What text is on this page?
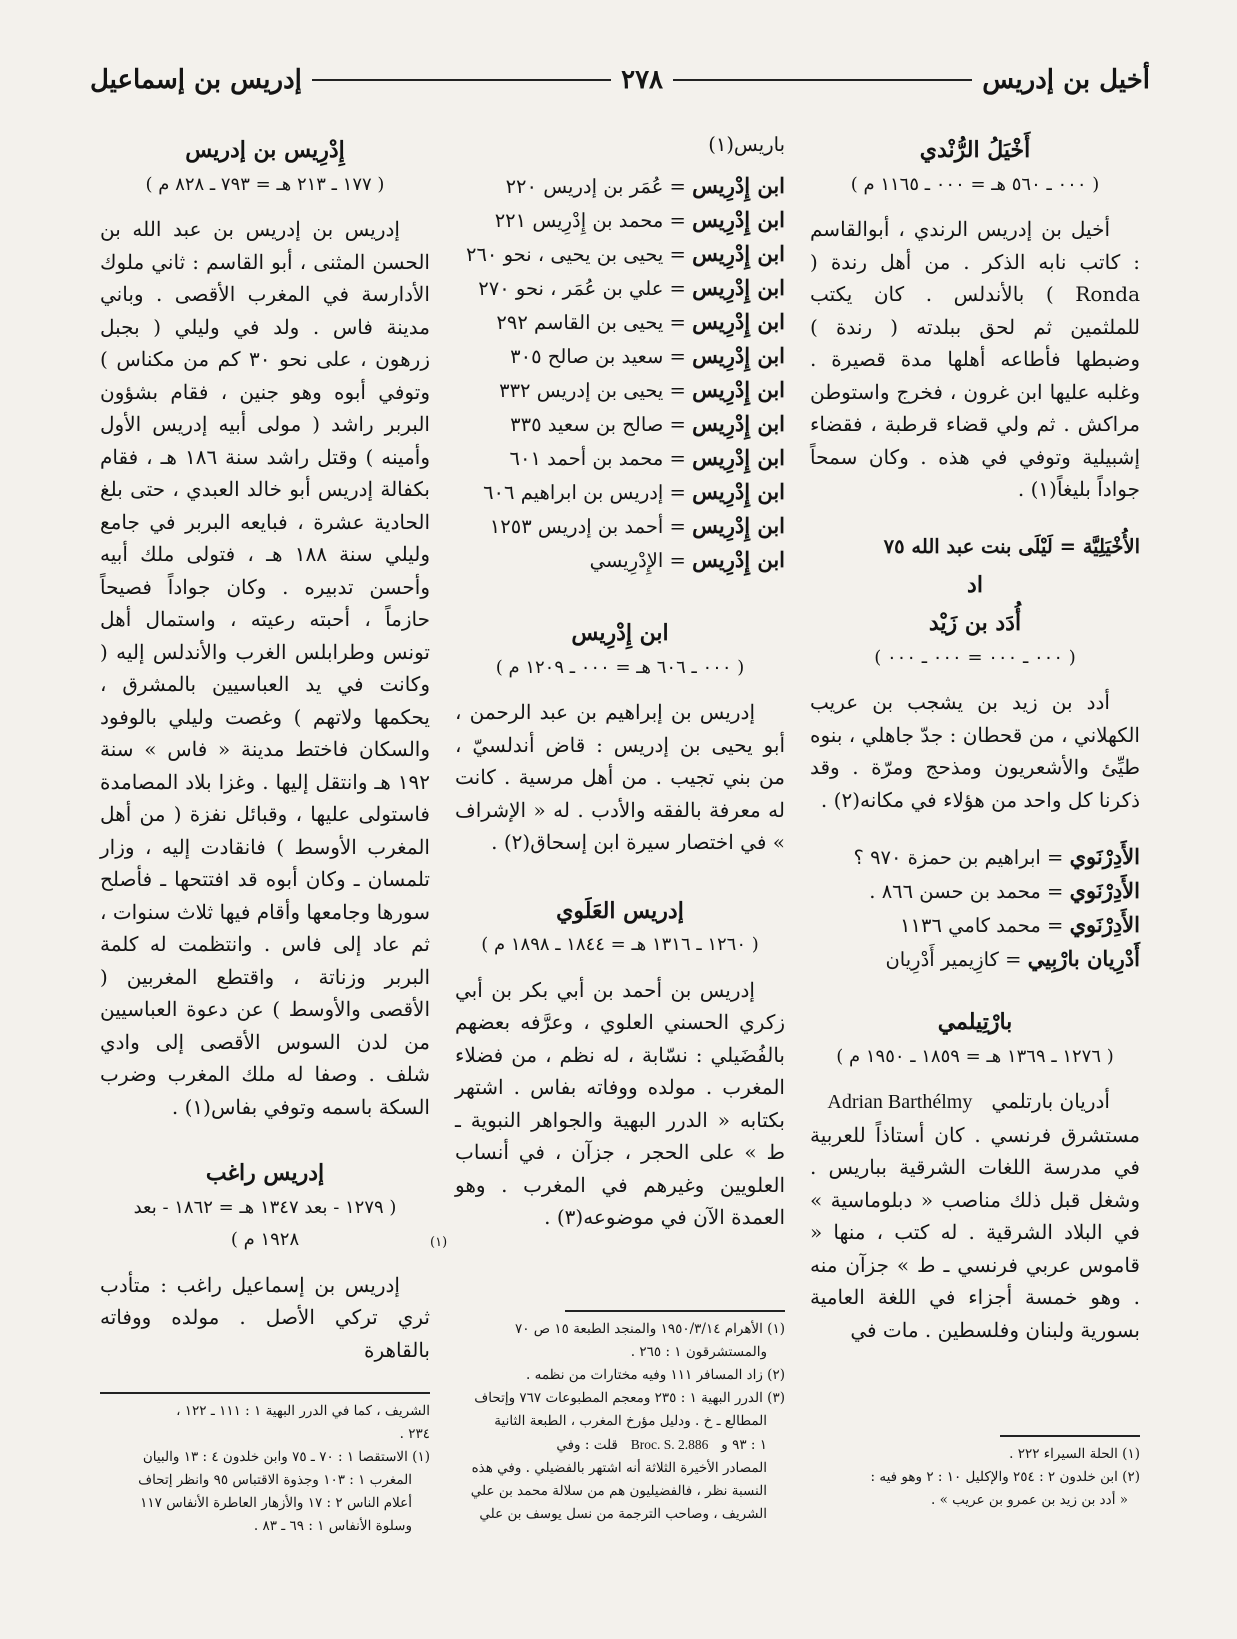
أخيل بن إدريس
٢٧٨
إدريس بن إسماعيل
أَخْيَلُ الرُّنْدي
( ٠٠٠ ـ ٥٦٠ هـ = ٠٠٠ ـ ١١٦٥ م )

أخيل بن إدريس الرندي ، أبوالقاسم : كاتب نابه الذكر . من أهل رندة ( Ronda ) بالأندلس . كان يكتب للملثمين ثم لحق ببلدته ( رندة ) وضبطها فأطاعه أهلها مدة قصيرة . وغلبه عليها ابن غرون ، فخرج واستوطن مراكش . ثم ولي قضاء قرطبة ، فقضاء إشبيلية وتوفي في هذه . وكان سمحاً جواداً بليغاً(١) .

الأُخْيَلِيَّة = لَيْلَى بنت عبد الله ٧٥
اد
أُدَد بن زَيْد
( ٠٠٠ ـ ٠٠٠ = ٠٠٠ ـ ٠٠٠ )

أدد بن زيد بن يشجب بن عريب الكهلاني ، من قحطان : جدّ جاهلي ، بنوه طيِّئ والأشعريون ومذحج ومرّة . وقد ذكرنا كل واحد من هؤلاء في مكانه(٢) .

الأَدِرْنَوي = ابراهيم بن حمزة ٩٧٠ ؟
الأَدِرْنَوي = محمد بن حسن ٨٦٦ .
الأَدِرْنَوي = محمد كامي ١١٣٦
أَدْرِيان بارْبِيي = كازِيمير أَدْرِيان
بارْتِيلمي
( ١٢٧٦ ـ ١٣٦٩ هـ = ١٨٥٩ ـ ١٩٥٠ م )

أدريان بارتلمي   Adrian Barthélmy

مستشرق فرنسي . كان أستاذاً للعربية في مدرسة اللغات الشرقية بباريس . وشغل قبل ذلك مناصب « دبلوماسية » في البلاد الشرقية . له كتب ، منها « قاموس عربي فرنسي ـ ط » جزآن منه . وهو خمسة أجزاء في اللغة العامية بسورية ولبنان وفلسطين . مات في

باريس(١)
ابن إِدْرِيس = عُمَر بن إدريس ٢٢٠
ابن إِدْرِيس = محمد بن إِدْرِيس ٢٢١
ابن إِدْرِيس = يحيى بن يحيى ، نحو ٢٦٠
ابن إِدْرِيس = علي بن عُمَر ، نحو ٢٧٠
ابن إِدْرِيس = يحيى بن القاسم ٢٩٢
ابن إِدْرِيس = سعيد بن صالح ٣٠٥
ابن إِدْرِيس = يحيى بن إدريس ٣٣٢
ابن إِدْرِيس = صالح بن سعيد ٣٣٥
ابن إِدْرِيس = محمد بن أحمد ٦٠١
ابن إِدْرِيس = إدريس بن ابراهيم ٦٠٦
ابن إِدْرِيس = أحمد بن إدريس ١٢٥٣
ابن إِدْرِيس = الإِدْرِيسي
ابن إِدْرِيس
( ٠٠٠ ـ ٦٠٦ هـ = ٠٠٠ ـ ١٢٠٩ م )

إدريس بن إبراهيم بن عبد الرحمن ، أبو يحيى بن إدريس : قاض أندلسيّ ، من بني تجيب . من أهل مرسية . كانت له معرفة بالفقه والأدب . له « الإشراف » في اختصار سيرة ابن إسحاق(٢) .

إدريس العَلَوي
( ١٢٦٠ ـ ١٣١٦ هـ = ١٨٤٤ ـ ١٨٩٨ م )

إدريس بن أحمد بن أبي بكر بن أبي زكري الحسني العلوي ، وعرَّفه بعضهم بالفُضَيلي : نسّابة ، له نظم ، من فضلاء المغرب . مولده ووفاته بفاس . اشتهر بكتابه « الدرر البهية والجواهر النبوية ـ ط » على الحجر ، جزآن ، في أنساب العلويين وغيرهم في المغرب . وهو العمدة الآن في موضوعه(٣) .

إِدْرِيس بن إدريس
( ١٧٧ ـ ٢١٣ هـ = ٧٩٣ ـ ٨٢٨ م )

إدريس بن إدريس بن عبد الله بن الحسن المثنى ، أبو القاسم : ثاني ملوك الأدارسة في المغرب الأقصى . وباني مدينة فاس . ولد في وليلي ( بجبل زرهون ، على نحو ٣٠ كم من مكناس ) وتوفي أبوه وهو جنين ، فقام بشؤون البربر راشد ( مولى أبيه إدريس الأول وأمينه ) وقتل راشد سنة ١٨٦ هـ ، فقام بكفالة إدريس أبو خالد العبدي ، حتى بلغ الحادية عشرة ، فبايعه البربر في جامع وليلي سنة ١٨٨ هـ ، فتولى ملك أبيه وأحسن تدبيره . وكان جواداً فصيحاً حازماً ، أحبته رعيته ، واستمال أهل تونس وطرابلس الغرب والأندلس إليه ( وكانت في يد العباسيين بالمشرق ، يحكمها ولاتهم ) وغصت وليلي بالوفود والسكان فاختط مدينة « فاس » سنة ١٩٢ هـ وانتقل إليها . وغزا بلاد المصامدة فاستولى عليها ، وقبائل نفزة ( من أهل المغرب الأوسط ) فانقادت إليه ، وزار تلمسان ـ وكان أبوه قد افتتحها ـ فأصلح سورها وجامعها وأقام فيها ثلاث سنوات ، ثم عاد إلى فاس . وانتظمت له كلمة البربر وزناتة ، واقتطع المغربين ( الأقصى والأوسط ) عن دعوة العباسيين من لدن السوس الأقصى إلى وادي شلف . وصفا له ملك المغرب وضرب السكة باسمه وتوفي بفاس(١) .

إدريس راغب
( ١٢٧٩ - بعد ١٣٤٧ هـ = ١٨٦٢ - بعد
١٩٢٨ م )

إدريس بن إسماعيل راغب : متأدب ثري تركي الأصل . مولده ووفاته بالقاهرة

(١)
(١) الحلة السيراء ٢٢٢ .
(٢) ابن خلدون ٢ : ٢٥٤ والإكليل ١٠ : ٢ وهو فيه :
« أدد بن زيد بن عمرو بن عريب » .
(١) الأهرام ١٩٥٠/٣/١٤ والمنجد الطبعة ١٥ ص ٧٠
والمستشرقون ١ : ٢٦٥ .
(٢) زاد المسافر ١١١ وفيه مختارات من نظمه .
(٣) الدرر البهية ١ : ٢٣٥ ومعجم المطبوعات ٧٦٧ وإتحاف
المطالع ـ خ . ودليل مؤرخ المغرب ، الطبعة الثانية
١ : ٩٣ و   Broc. S. 2.886   قلت : وفي
المصادر الأخيرة الثلاثة أنه اشتهر بالفضيلي . وفي هذه
النسبة نظر ، فالفضيليون هم من سلالة محمد بن علي
الشريف ، وصاحب الترجمة من نسل يوسف بن علي
الشريف ، كما في الدرر البهية ١ : ١١١ ـ ١٢٢ ،
٢٣٤ .
(١) الاستقصا ١ : ٧٠ ـ ٧٥ وابن خلدون ٤ : ١٣ والبيان
المغرب ١ : ١٠٣ وجذوة الاقتباس ٩٥ وانظر إتحاف
أعلام الناس ٢ : ١٧ والأزهار العاطرة الأنفاس ١١٧
وسلوة الأنفاس ١ : ٦٩ ـ ٨٣ .
